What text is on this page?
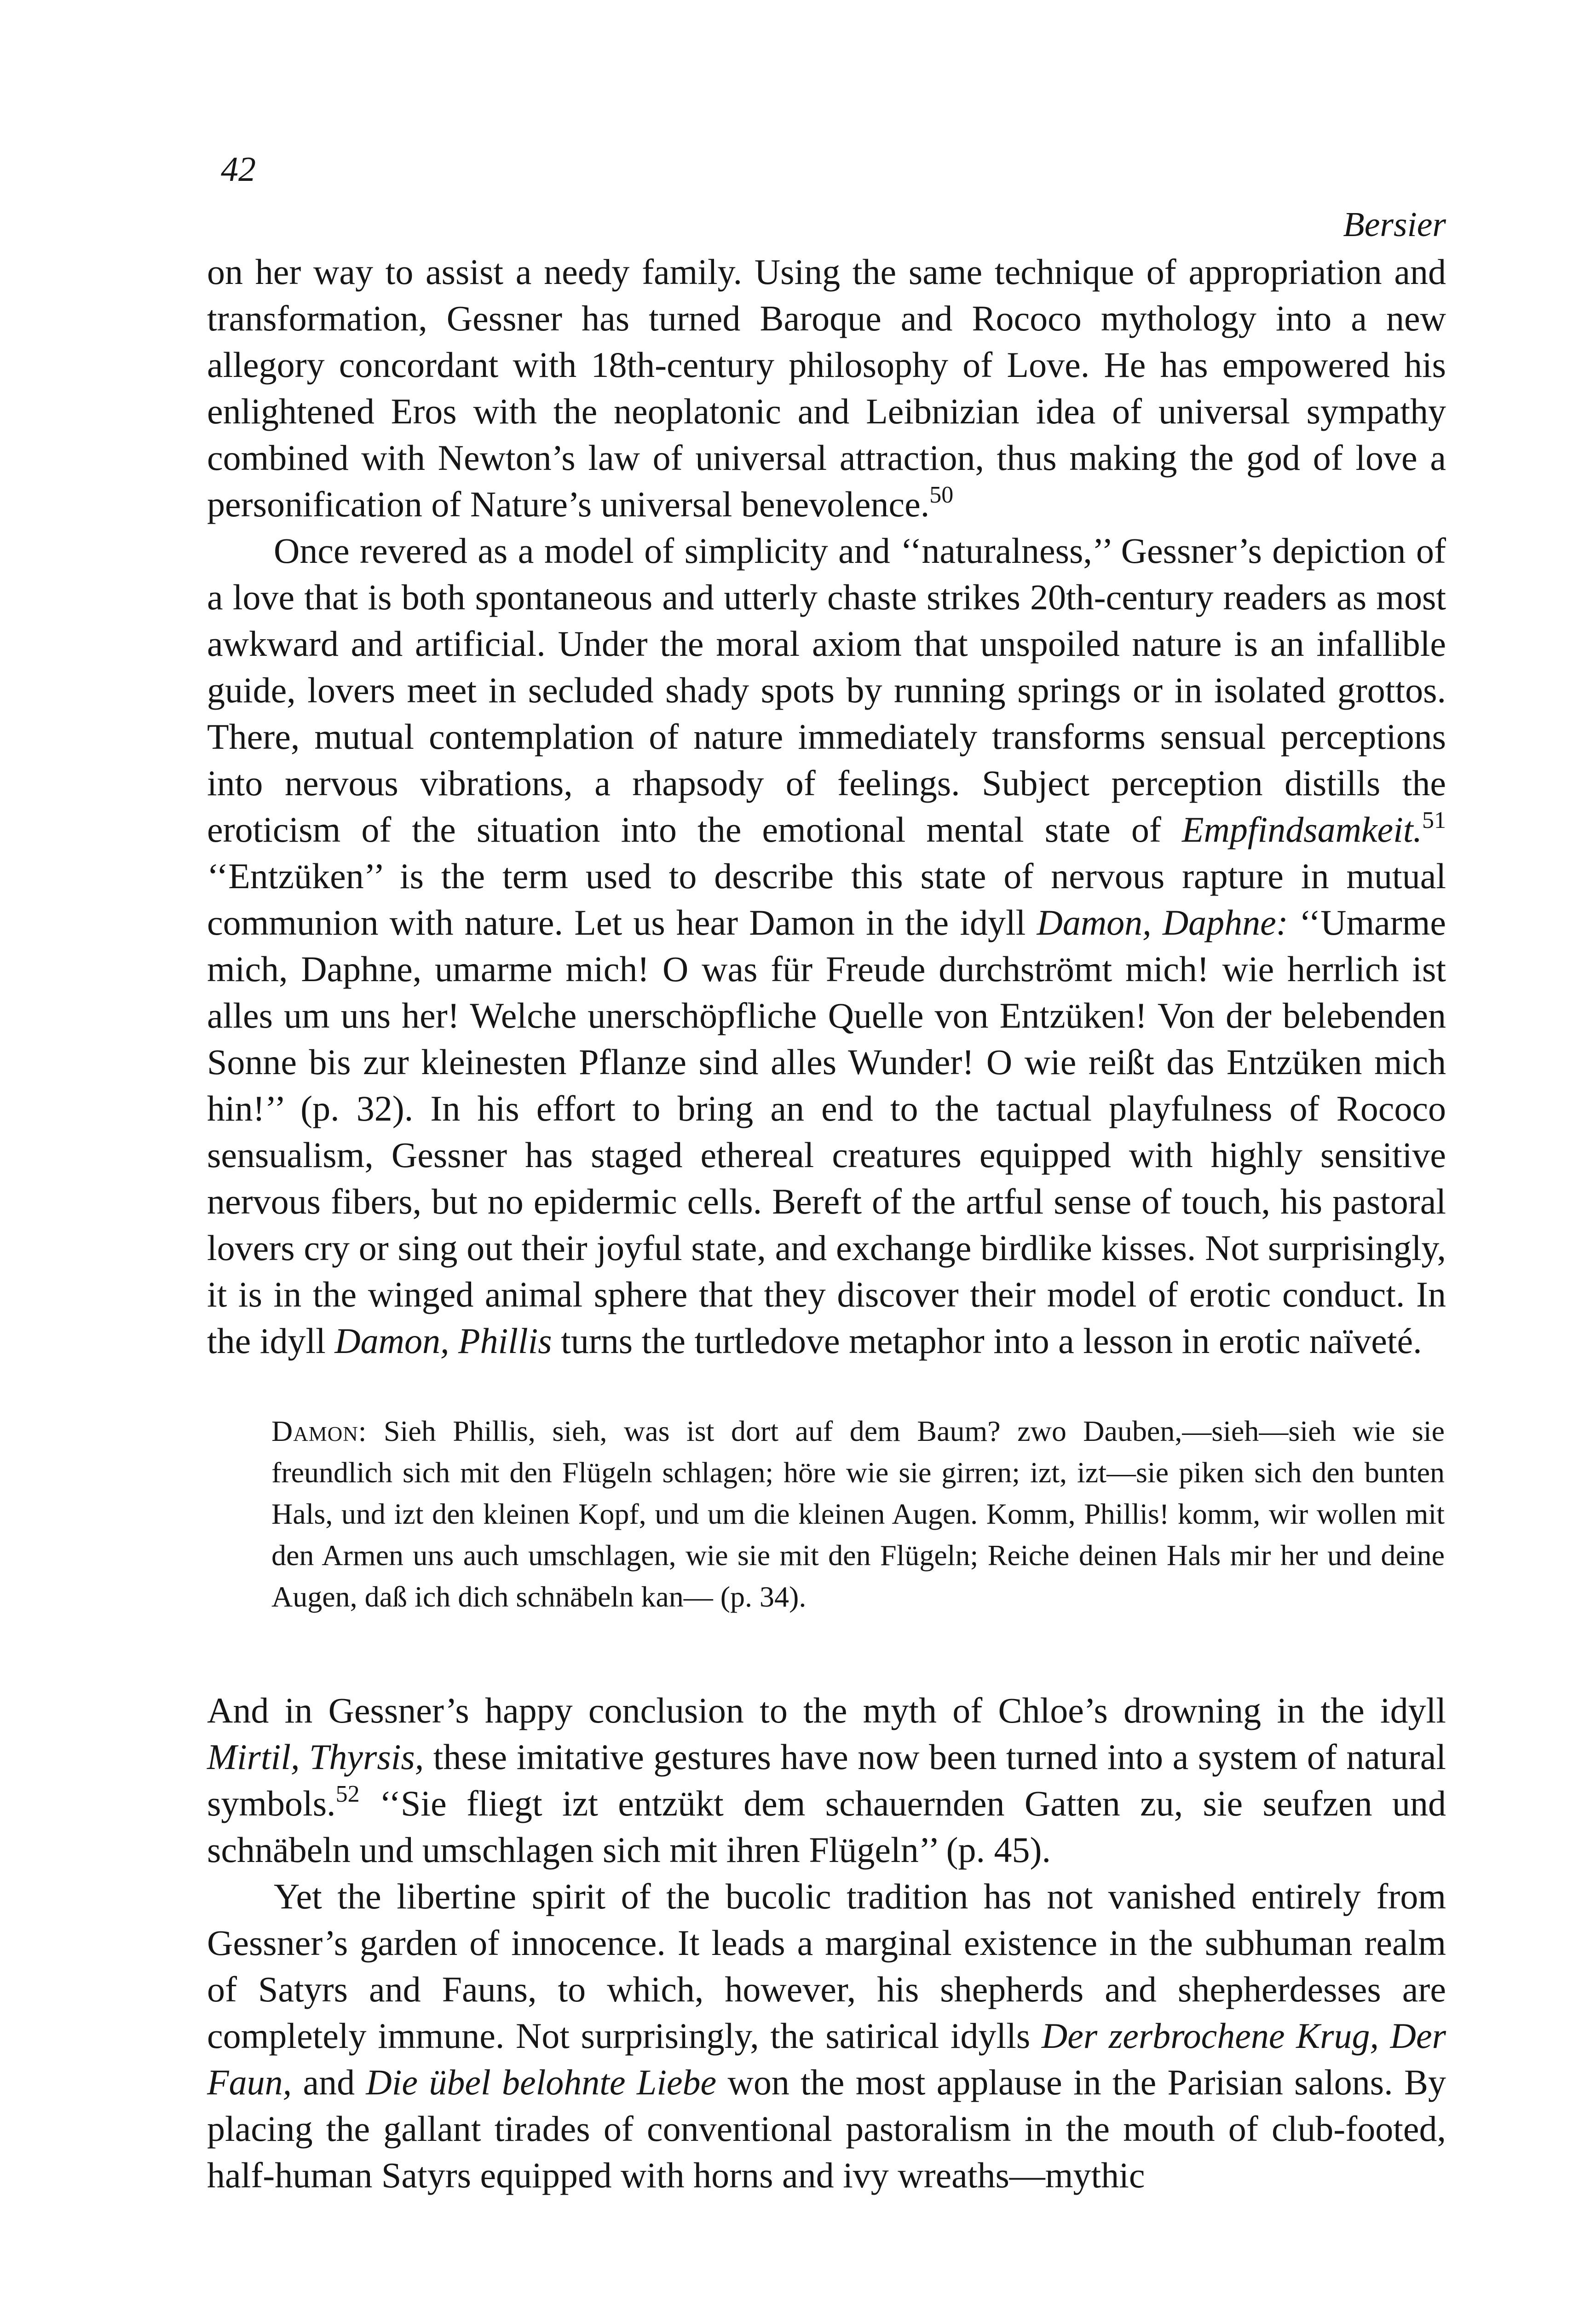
42
Bersier

on her way to assist a needy family. Using the same technique of appropriation and transformation, Gessner has turned Baroque and Rococo mythology into a new allegory concordant with 18th-century philosophy of Love. He has empowered his enlightened Eros with the neoplatonic and Leibnizian idea of universal sympathy combined with Newton’s law of universal attraction, thus making the god of love a personification of Nature’s universal benevolence.$^{50}$

Once revered as a model of simplicity and ‘‘naturalness,’’ Gessner’s depiction of a love that is both spontaneous and utterly chaste strikes 20th-century readers as most awkward and artificial. Under the moral axiom that unspoiled nature is an infallible guide, lovers meet in secluded shady spots by running springs or in isolated grottos. There, mutual contemplation of nature immediately transforms sensual perceptions into nervous vibrations, a rhapsody of feelings. Subject perception distills the eroticism of the situation into the emotional mental state of Empfindsamkeit.$^{51}$ ‘‘Entzüken’’ is the term used to describe this state of nervous rapture in mutual communion with nature. Let us hear Damon in the idyll Damon, Daphne: ‘‘Umarme mich, Daphne, umarme mich! O was für Freude durchströmt mich! wie herrlich ist alles um uns her! Welche unerschöpfliche Quelle von Entzüken! Von der belebenden Sonne bis zur kleinesten Pflanze sind alles Wunder! O wie reißt das Entzüken mich hin!’’ (p. 32). In his effort to bring an end to the tactual playfulness of Rococo sensualism, Gessner has staged ethereal creatures equipped with highly sensitive nervous fibers, but no epidermic cells. Bereft of the artful sense of touch, his pastoral lovers cry or sing out their joyful state, and exchange birdlike kisses. Not surprisingly, it is in the winged animal sphere that they discover their model of erotic conduct. In the idyll Damon, Phillis turns the turtledove metaphor into a lesson in erotic naïveté.

Damon: Sieh Phillis, sieh, was ist dort auf dem Baum? zwo Dauben,—sieh—sieh wie sie freundlich sich mit den Flügeln schlagen; höre wie sie girren; izt, izt—sie piken sich den bunten Hals, und izt den kleinen Kopf, und um die kleinen Augen. Komm, Phillis! komm, wir wollen mit den Armen uns auch umschlagen, wie sie mit den Flügeln; Reiche deinen Hals mir her und deine Augen, daß ich dich schnäbeln kan— (p. 34).

And in Gessner’s happy conclusion to the myth of Chloe’s drowning in the idyll Mirtil, Thyrsis, these imitative gestures have now been turned into a system of natural symbols.$^{52}$ ‘‘Sie fliegt izt entzükt dem schauernden Gatten zu, sie seufzen und schnäbeln und umschlagen sich mit ihren Flügeln’’ (p. 45).

Yet the libertine spirit of the bucolic tradition has not vanished entirely from Gessner’s garden of innocence. It leads a marginal existence in the subhuman realm of Satyrs and Fauns, to which, however, his shepherds and shepherdesses are completely immune. Not surprisingly, the satirical idylls Der zerbrochene Krug, Der Faun, and Die übel belohnte Liebe won the most applause in the Parisian salons. By placing the gallant tirades of conventional pastoralism in the mouth of club-footed, half-human Satyrs equipped with horns and ivy wreaths—mythic
